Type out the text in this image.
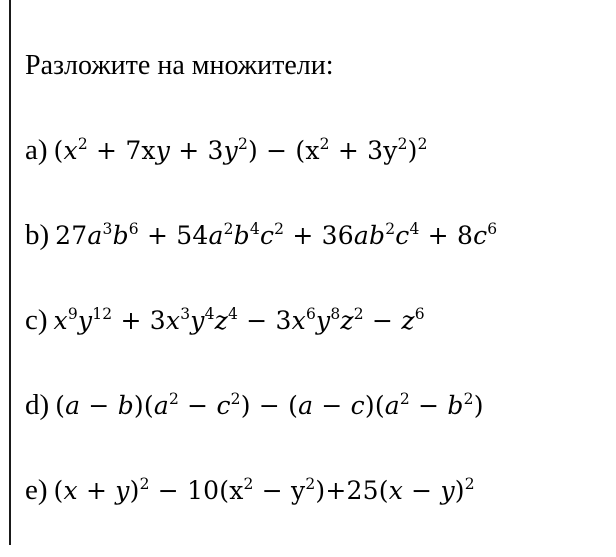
Разложите на множители:
a) $(x^2 + 7xy + 3y^2) - (x^2 + 3y^2)^2$
b) $27a^3b^6 + 54a^2b^4c^2 + 36ab^2c^4 + 8c^6$
c) $x^9y^{12} + 3x^3y^4z^4 - 3x^6y^8z^2 - z^6$
d) $(a - b)(a^2 - c^2) - (a - c)(a^2 - b^2)$
e) $(x + y)^2 - 10(x^2 - y^2)+25(x - y)^2$
